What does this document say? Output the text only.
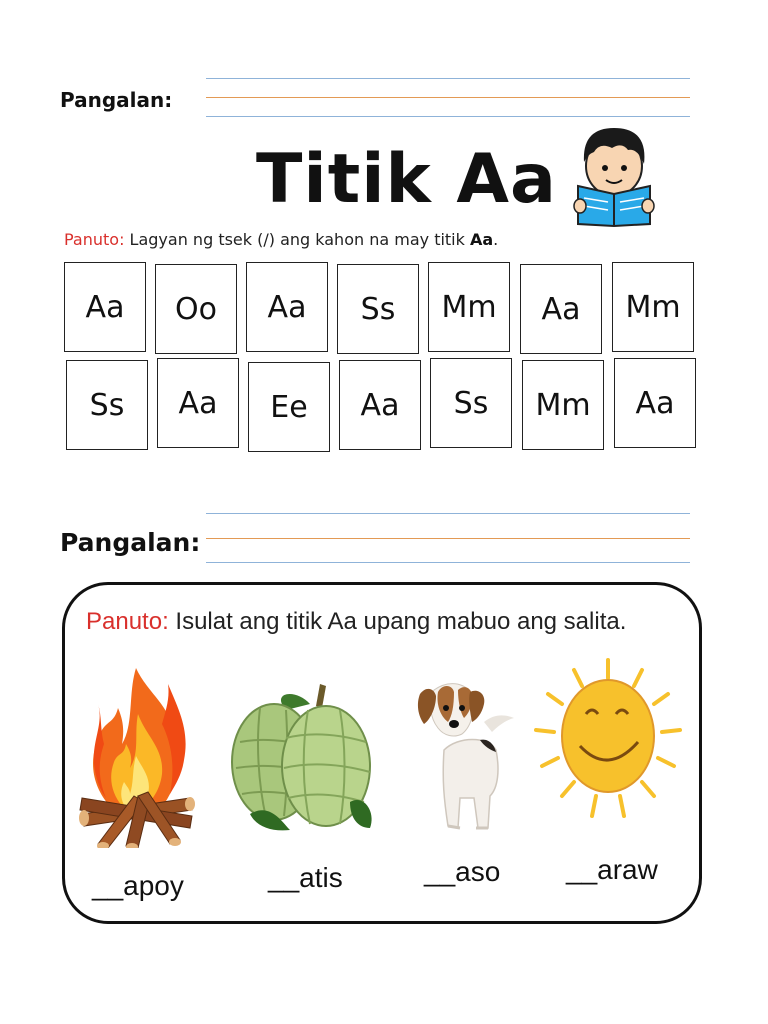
Pangalan:
Titik Aa
Panuto: Lagyan ng tsek (/) ang kahon na may titik Aa.
Aa	Oo	Aa	Ss	Mm	Aa	Mm
Ss	Aa	Ee	Aa	Ss	Mm	Aa
Pangalan:
Panuto: Isulat ang titik Aa upang mabuo ang salita.
__apoy	__atis	__aso __araw
